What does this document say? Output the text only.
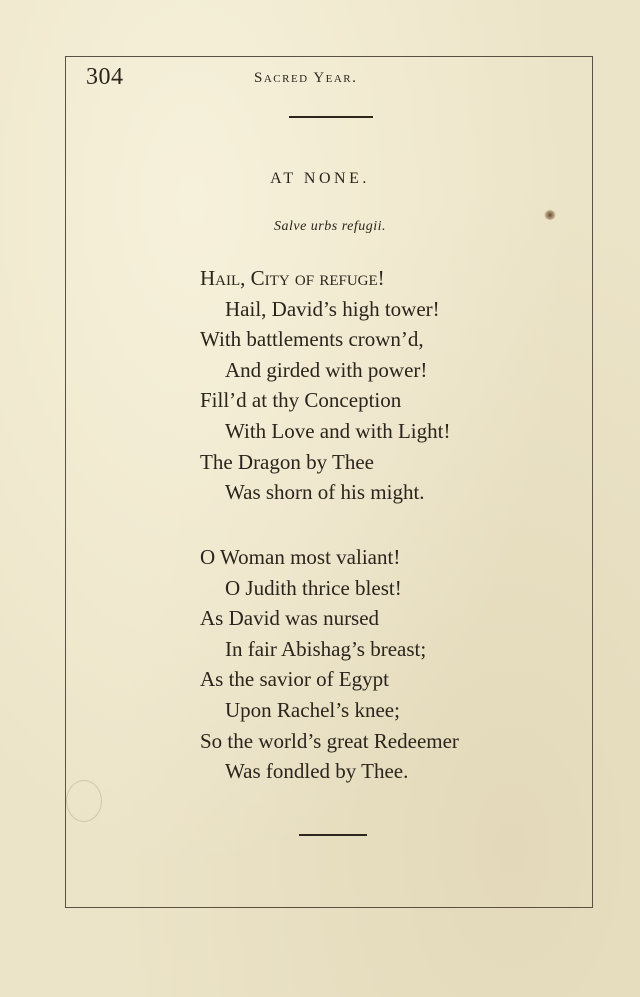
304	Sacred Year.
AT NONE.
Salve urbs refugii.
Hail, City of refuge!
Hail, David’s high tower!
With battlements crown’d,
And girded with power!
Fill’d at thy Conception
With Love and with Light!
The Dragon by Thee
Was shorn of his might.
O Woman most valiant!
O Judith thrice blest!
As David was nursed
In fair Abishag’s breast;
As the savior of Egypt
Upon Rachel’s knee;
So the world’s great Redeemer
Was fondled by Thee.
